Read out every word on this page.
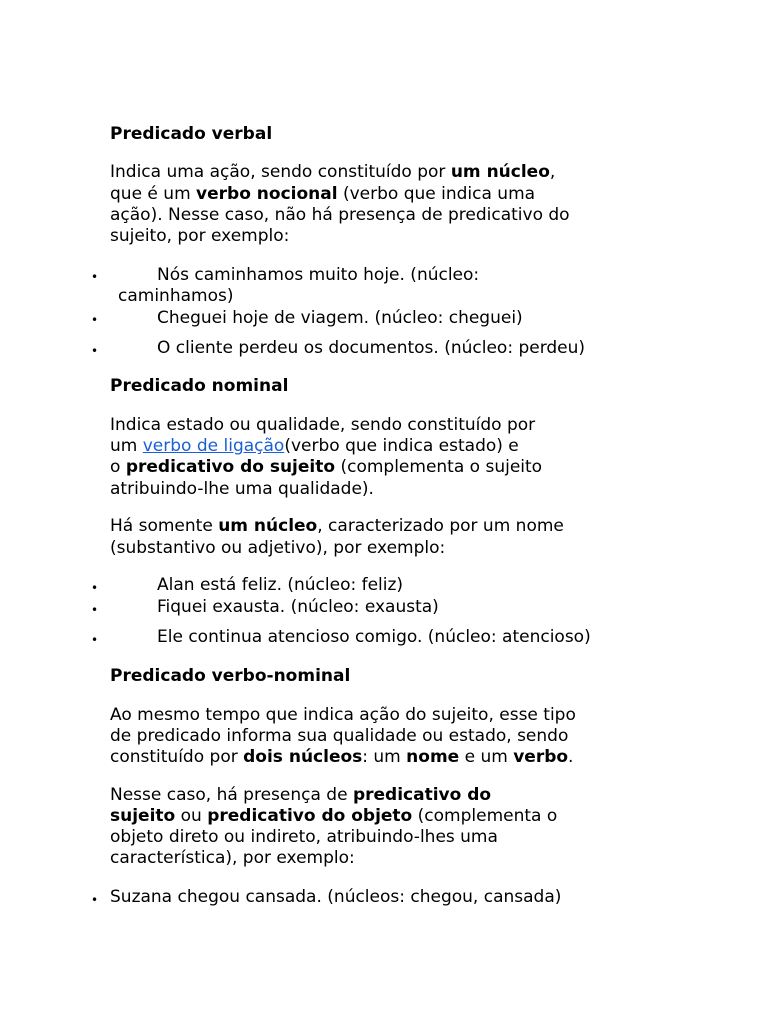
Predicado verbal
Indica uma ação, sendo constituído por um núcleo,
que é um verbo nocional (verbo que indica uma
ação). Nesse caso, não há presença de predicativo do
sujeito, por exemplo:
•	Nós caminhamos muito hoje. (núcleo:
caminhamos)
•	Cheguei hoje de viagem. (núcleo: cheguei)
•	O cliente perdeu os documentos. (núcleo: perdeu)
Predicado nominal
Indica estado ou qualidade, sendo constituído por
um verbo de ligação(verbo que indica estado) e
o predicativo do sujeito (complementa o sujeito
atribuindo-lhe uma qualidade).
Há somente um núcleo, caracterizado por um nome
(substantivo ou adjetivo), por exemplo:
•	Alan está feliz. (núcleo: feliz)
•	Fiquei exausta. (núcleo: exausta)
•	Ele continua atencioso comigo. (núcleo: atencioso)
Predicado verbo-nominal
Ao mesmo tempo que indica ação do sujeito, esse tipo
de predicado informa sua qualidade ou estado, sendo
constituído por dois núcleos: um nome e um verbo.
Nesse caso, há presença de predicativo do
sujeito ou predicativo do objeto (complementa o
objeto direto ou indireto, atribuindo-lhes uma
característica), por exemplo:
• Suzana chegou cansada. (núcleos: chegou, cansada)
